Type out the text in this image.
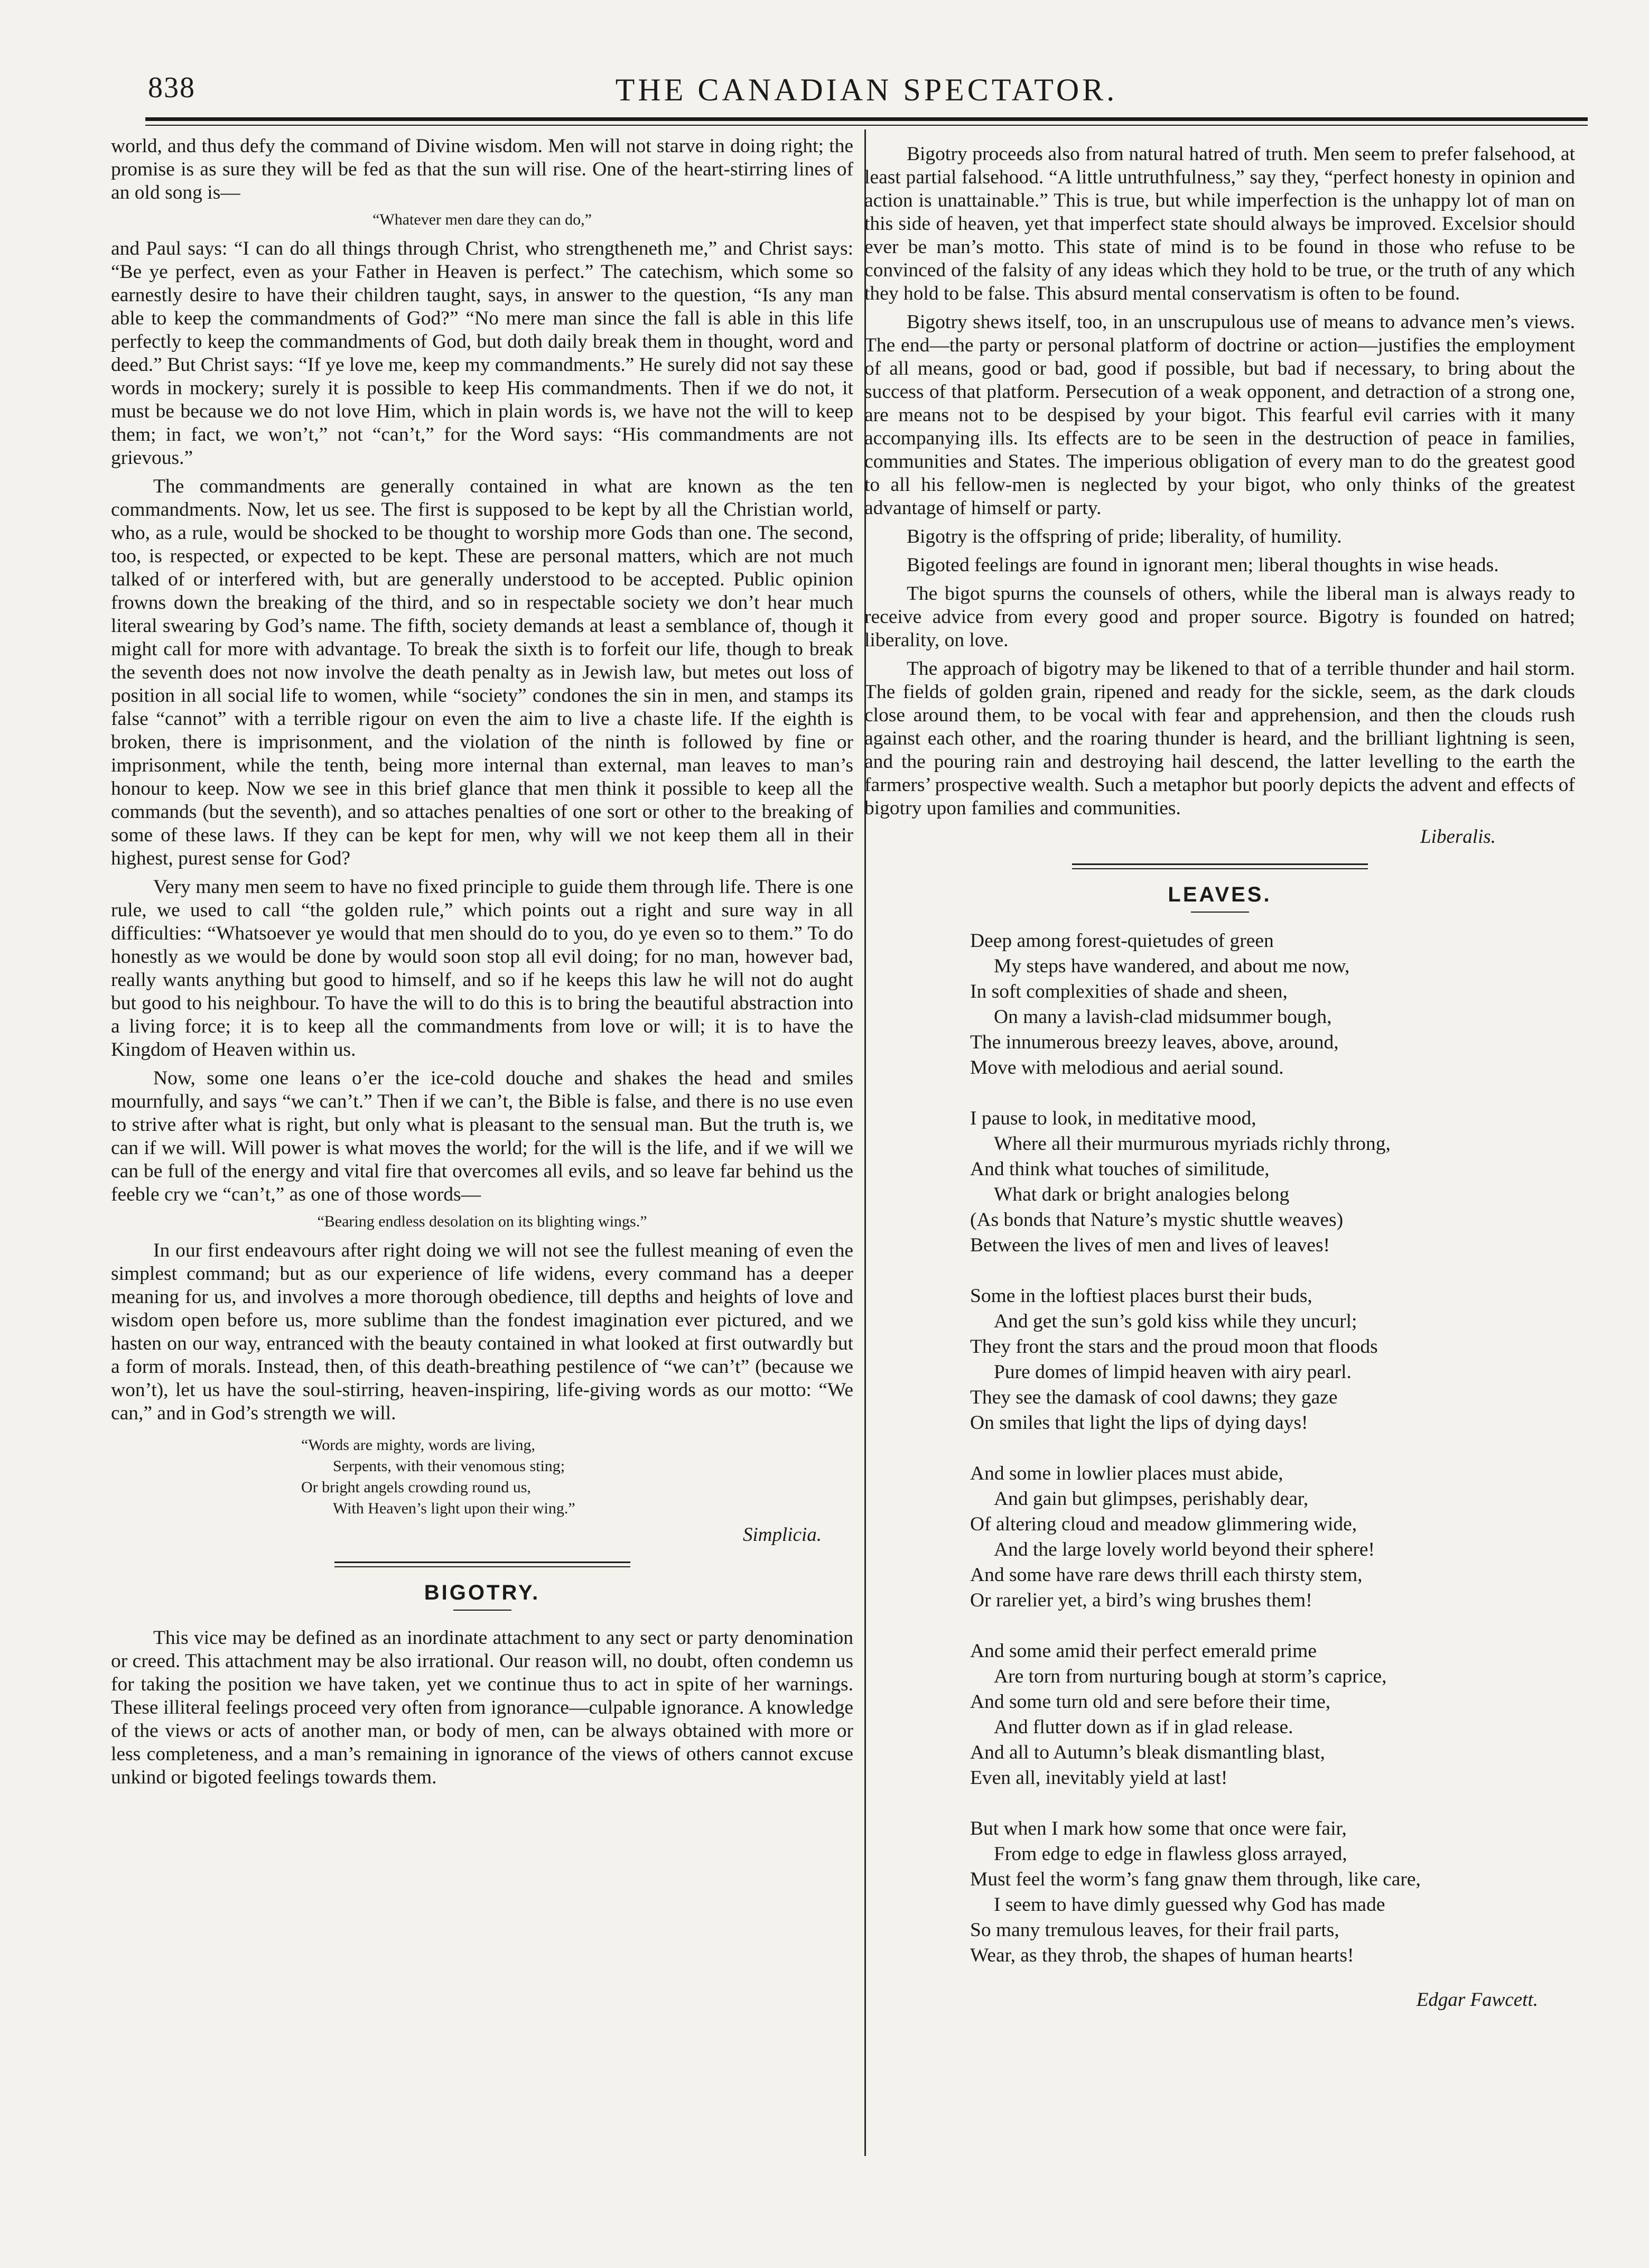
838	THE CANADIAN SPECTATOR.

world, and thus defy the command of Divine wisdom. Men will not starve in doing right; the promise is as sure they will be fed as that the sun will rise. One of the heart-stirring lines of an old song is—

“Whatever men dare they can do,”

and Paul says: “I can do all things through Christ, who strengtheneth me,” and Christ says: “Be ye perfect, even as your Father in Heaven is perfect.” The catechism, which some so earnestly desire to have their children taught, says, in answer to the question, “Is any man able to keep the commandments of God?” “No mere man since the fall is able in this life perfectly to keep the commandments of God, but doth daily break them in thought, word and deed.” But Christ says: “If ye love me, keep my commandments.” He surely did not say these words in mockery; surely it is possible to keep His commandments. Then if we do not, it must be because we do not love Him, which in plain words is, we have not the will to keep them; in fact, we won’t,” not “can’t,” for the Word says: “His commandments are not grievous.”

The commandments are generally contained in what are known as the ten commandments. Now, let us see. The first is supposed to be kept by all the Christian world, who, as a rule, would be shocked to be thought to worship more Gods than one. The second, too, is respected, or expected to be kept. These are personal matters, which are not much talked of or interfered with, but are generally understood to be accepted. Public opinion frowns down the breaking of the third, and so in respectable society we don’t hear much literal swearing by God’s name. The fifth, society demands at least a semblance of, though it might call for more with advantage. To break the sixth is to forfeit our life, though to break the seventh does not now involve the death penalty as in Jewish law, but metes out loss of position in all social life to women, while “society” condones the sin in men, and stamps its false “cannot” with a terrible rigour on even the aim to live a chaste life. If the eighth is broken, there is imprisonment, and the violation of the ninth is followed by fine or imprisonment, while the tenth, being more internal than external, man leaves to man’s honour to keep. Now we see in this brief glance that men think it possible to keep all the commands (but the seventh), and so attaches penalties of one sort or other to the breaking of some of these laws. If they can be kept for men, why will we not keep them all in their highest, purest sense for God?

Very many men seem to have no fixed principle to guide them through life. There is one rule, we used to call “the golden rule,” which points out a right and sure way in all difficulties: “Whatsoever ye would that men should do to you, do ye even so to them.” To do honestly as we would be done by would soon stop all evil doing; for no man, however bad, really wants anything but good to himself, and so if he keeps this law he will not do aught but good to his neighbour. To have the will to do this is to bring the beautiful abstraction into a living force; it is to keep all the commandments from love or will; it is to have the Kingdom of Heaven within us.

Now, some one leans o’er the ice-cold douche and shakes the head and smiles mournfully, and says “we can’t.” Then if we can’t, the Bible is false, and there is no use even to strive after what is right, but only what is pleasant to the sensual man. But the truth is, we can if we will. Will power is what moves the world; for the will is the life, and if we will we can be full of the energy and vital fire that overcomes all evils, and so leave far behind us the feeble cry we “can’t,” as one of those words—

“Bearing endless desolation on its blighting wings.”

In our first endeavours after right doing we will not see the fullest meaning of even the simplest command; but as our experience of life widens, every command has a deeper meaning for us, and involves a more thorough obedience, till depths and heights of love and wisdom open before us, more sublime than the fondest imagination ever pictured, and we hasten on our way, entranced with the beauty contained in what looked at first outwardly but a form of morals. Instead, then, of this death-breathing pestilence of “we can’t” (because we won’t), let us have the soul-stirring, heaven-inspiring, life-giving words as our motto: “We can,” and in God’s strength we will.

“Words are mighty, words are living,
Serpents, with their venomous sting;
Or bright angels crowding round us,
With Heaven’s light upon their wing.”
Simplicia.
BIGOTRY.

This vice may be defined as an inordinate attachment to any sect or party denomination or creed. This attachment may be also irrational. Our reason will, no doubt, often condemn us for taking the position we have taken, yet we continue thus to act in spite of her warnings. These illiteral feelings proceed very often from ignorance—culpable ignorance. A knowledge of the views or acts of another man, or body of men, can be always obtained with more or less completeness, and a man’s remaining in ignorance of the views of others cannot excuse unkind or bigoted feelings towards them.

Bigotry proceeds also from natural hatred of truth. Men seem to prefer falsehood, at least partial falsehood. “A little untruthfulness,” say they, “perfect honesty in opinion and action is unattainable.” This is true, but while imperfection is the unhappy lot of man on this side of heaven, yet that imperfect state should always be improved. Excelsior should ever be man’s motto. This state of mind is to be found in those who refuse to be convinced of the falsity of any ideas which they hold to be true, or the truth of any which they hold to be false. This absurd mental conservatism is often to be found.

Bigotry shews itself, too, in an unscrupulous use of means to advance men’s views. The end—the party or personal platform of doctrine or action—justifies the employment of all means, good or bad, good if possible, but bad if necessary, to bring about the success of that platform. Persecution of a weak opponent, and detraction of a strong one, are means not to be despised by your bigot. This fearful evil carries with it many accompanying ills. Its effects are to be seen in the destruction of peace in families, communities and States. The imperious obligation of every man to do the greatest good to all his fellow-men is neglected by your bigot, who only thinks of the greatest advantage of himself or party.

Bigotry is the offspring of pride; liberality, of humility.

Bigoted feelings are found in ignorant men; liberal thoughts in wise heads.

The bigot spurns the counsels of others, while the liberal man is always ready to receive advice from every good and proper source. Bigotry is founded on hatred; liberality, on love.

The approach of bigotry may be likened to that of a terrible thunder and hail storm. The fields of golden grain, ripened and ready for the sickle, seem, as the dark clouds close around them, to be vocal with fear and apprehension, and then the clouds rush against each other, and the roaring thunder is heard, and the brilliant lightning is seen, and the pouring rain and destroying hail descend, the latter levelling to the earth the farmers’ prospective wealth. Such a metaphor but poorly depicts the advent and effects of bigotry upon families and communities.

Liberalis.
LEAVES.
Deep among forest-quietudes of green
My steps have wandered, and about me now,
In soft complexities of shade and sheen,
On many a lavish-clad midsummer bough,
The innumerous breezy leaves, above, around,
Move with melodious and aerial sound.
I pause to look, in meditative mood,
Where all their murmurous myriads richly throng,
And think what touches of similitude,
What dark or bright analogies belong
(As bonds that Nature’s mystic shuttle weaves)
Between the lives of men and lives of leaves!
Some in the loftiest places burst their buds,
And get the sun’s gold kiss while they uncurl;
They front the stars and the proud moon that floods
Pure domes of limpid heaven with airy pearl.
They see the damask of cool dawns; they gaze
On smiles that light the lips of dying days!
And some in lowlier places must abide,
And gain but glimpses, perishably dear,
Of altering cloud and meadow glimmering wide,
And the large lovely world beyond their sphere!
And some have rare dews thrill each thirsty stem,
Or rarelier yet, a bird’s wing brushes them!
And some amid their perfect emerald prime
Are torn from nurturing bough at storm’s caprice,
And some turn old and sere before their time,
And flutter down as if in glad release.
And all to Autumn’s bleak dismantling blast,
Even all, inevitably yield at last!
But when I mark how some that once were fair,
From edge to edge in flawless gloss arrayed,
Must feel the worm’s fang gnaw them through, like care,
I seem to have dimly guessed why God has made
So many tremulous leaves, for their frail parts,
Wear, as they throb, the shapes of human hearts!
Edgar Fawcett.
